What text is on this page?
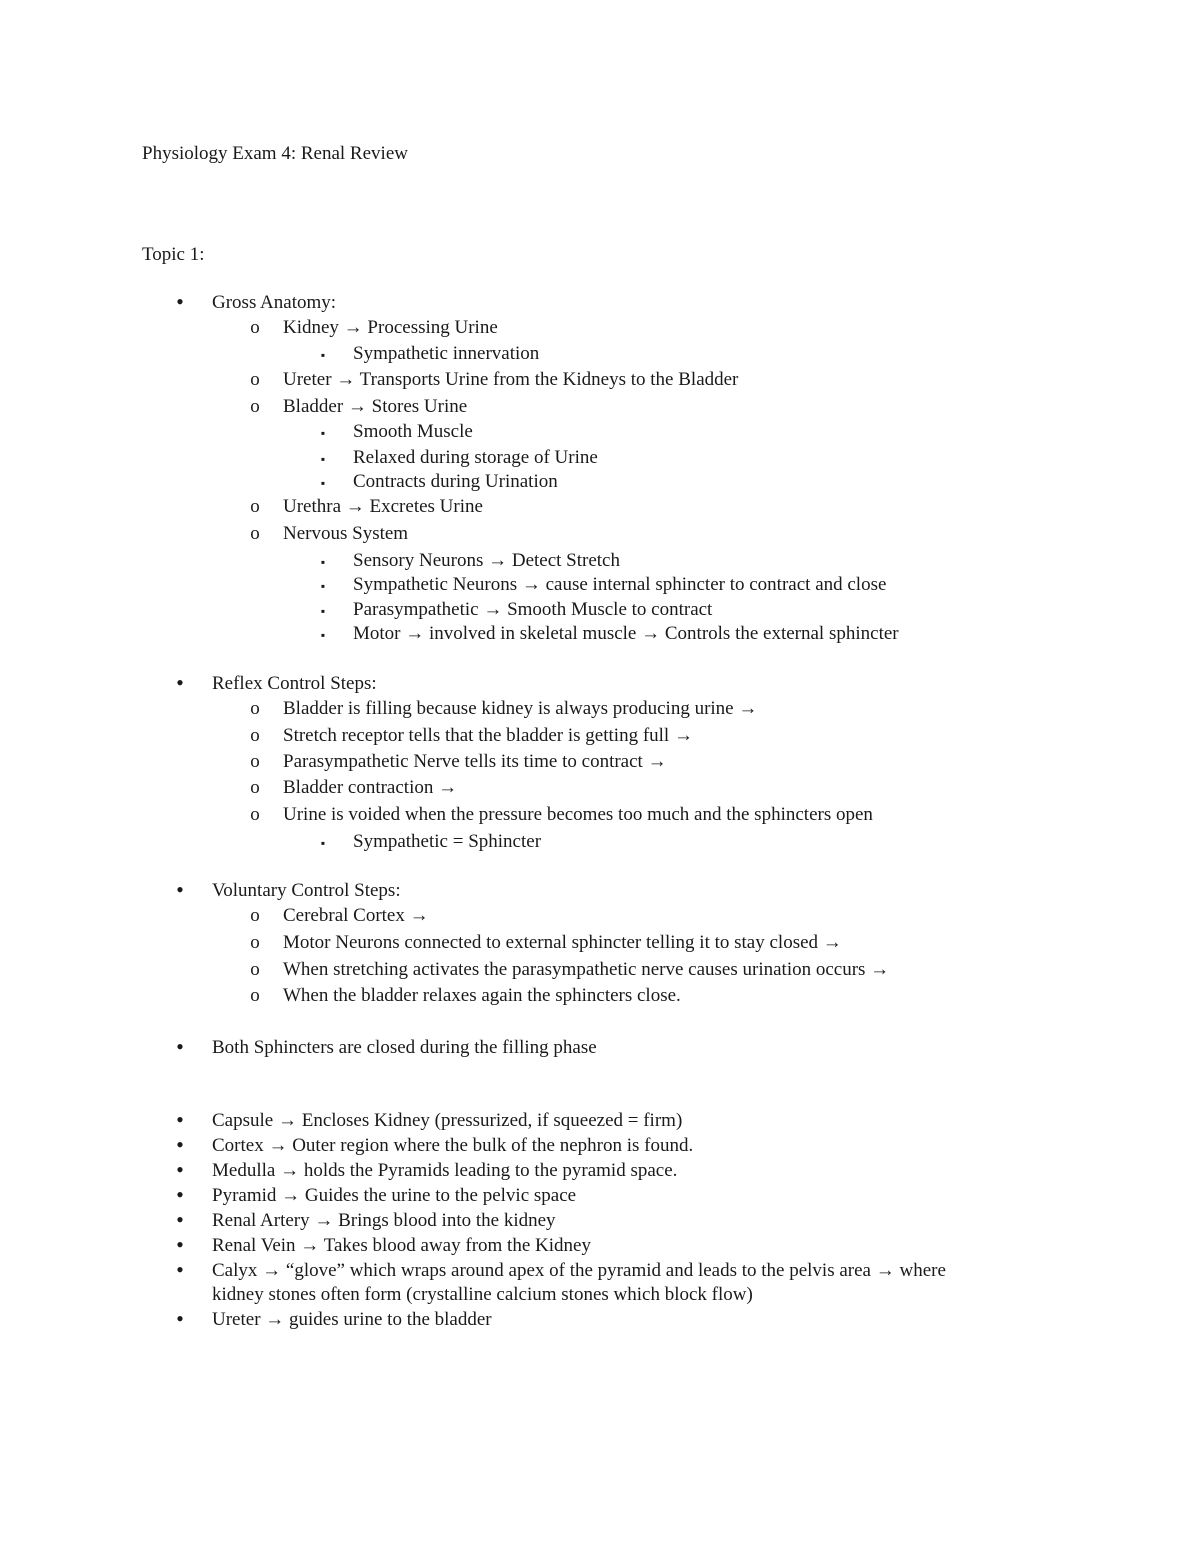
Physiology Exam 4: Renal Review
Topic 1:
•	Gross Anatomy:
o Kidney → Processing Urine
▪	Sympathetic innervation
o Ureter → Transports Urine from the Kidneys to the Bladder
o Bladder → Stores Urine
▪	Smooth Muscle
▪	Relaxed during storage of Urine
▪	Contracts during Urination
o Urethra → Excretes Urine
o Nervous System
▪	Sensory Neurons → Detect Stretch
▪	Sympathetic Neurons → cause internal sphincter to contract and close
▪	Parasympathetic → Smooth Muscle to contract
▪	Motor → involved in skeletal muscle → Controls the external sphincter
•	Reflex Control Steps:
o Bladder is filling because kidney is always producing urine →
o Stretch receptor tells that the bladder is getting full →
o Parasympathetic Nerve tells its time to contract →
o Bladder contraction →
o Urine is voided when the pressure becomes too much and the sphincters open
▪	Sympathetic = Sphincter
•	Voluntary Control Steps:
o Cerebral Cortex →
o Motor Neurons connected to external sphincter telling it to stay closed →
o When stretching activates the parasympathetic nerve causes urination occurs →
o When the bladder relaxes again the sphincters close.
•	Both Sphincters are closed during the filling phase
•	Capsule → Encloses Kidney (pressurized, if squeezed = firm)
•	Cortex → Outer region where the bulk of the nephron is found.
•	Medulla → holds the Pyramids leading to the pyramid space.
•	Pyramid → Guides the urine to the pelvic space
•	Renal Artery → Brings blood into the kidney
•	Renal Vein → Takes blood away from the Kidney
•	Calyx → “glove” which wraps around apex of the pyramid and leads to the pelvis area → where
kidney stones often form (crystalline calcium stones which block flow)
•	Ureter → guides urine to the bladder
